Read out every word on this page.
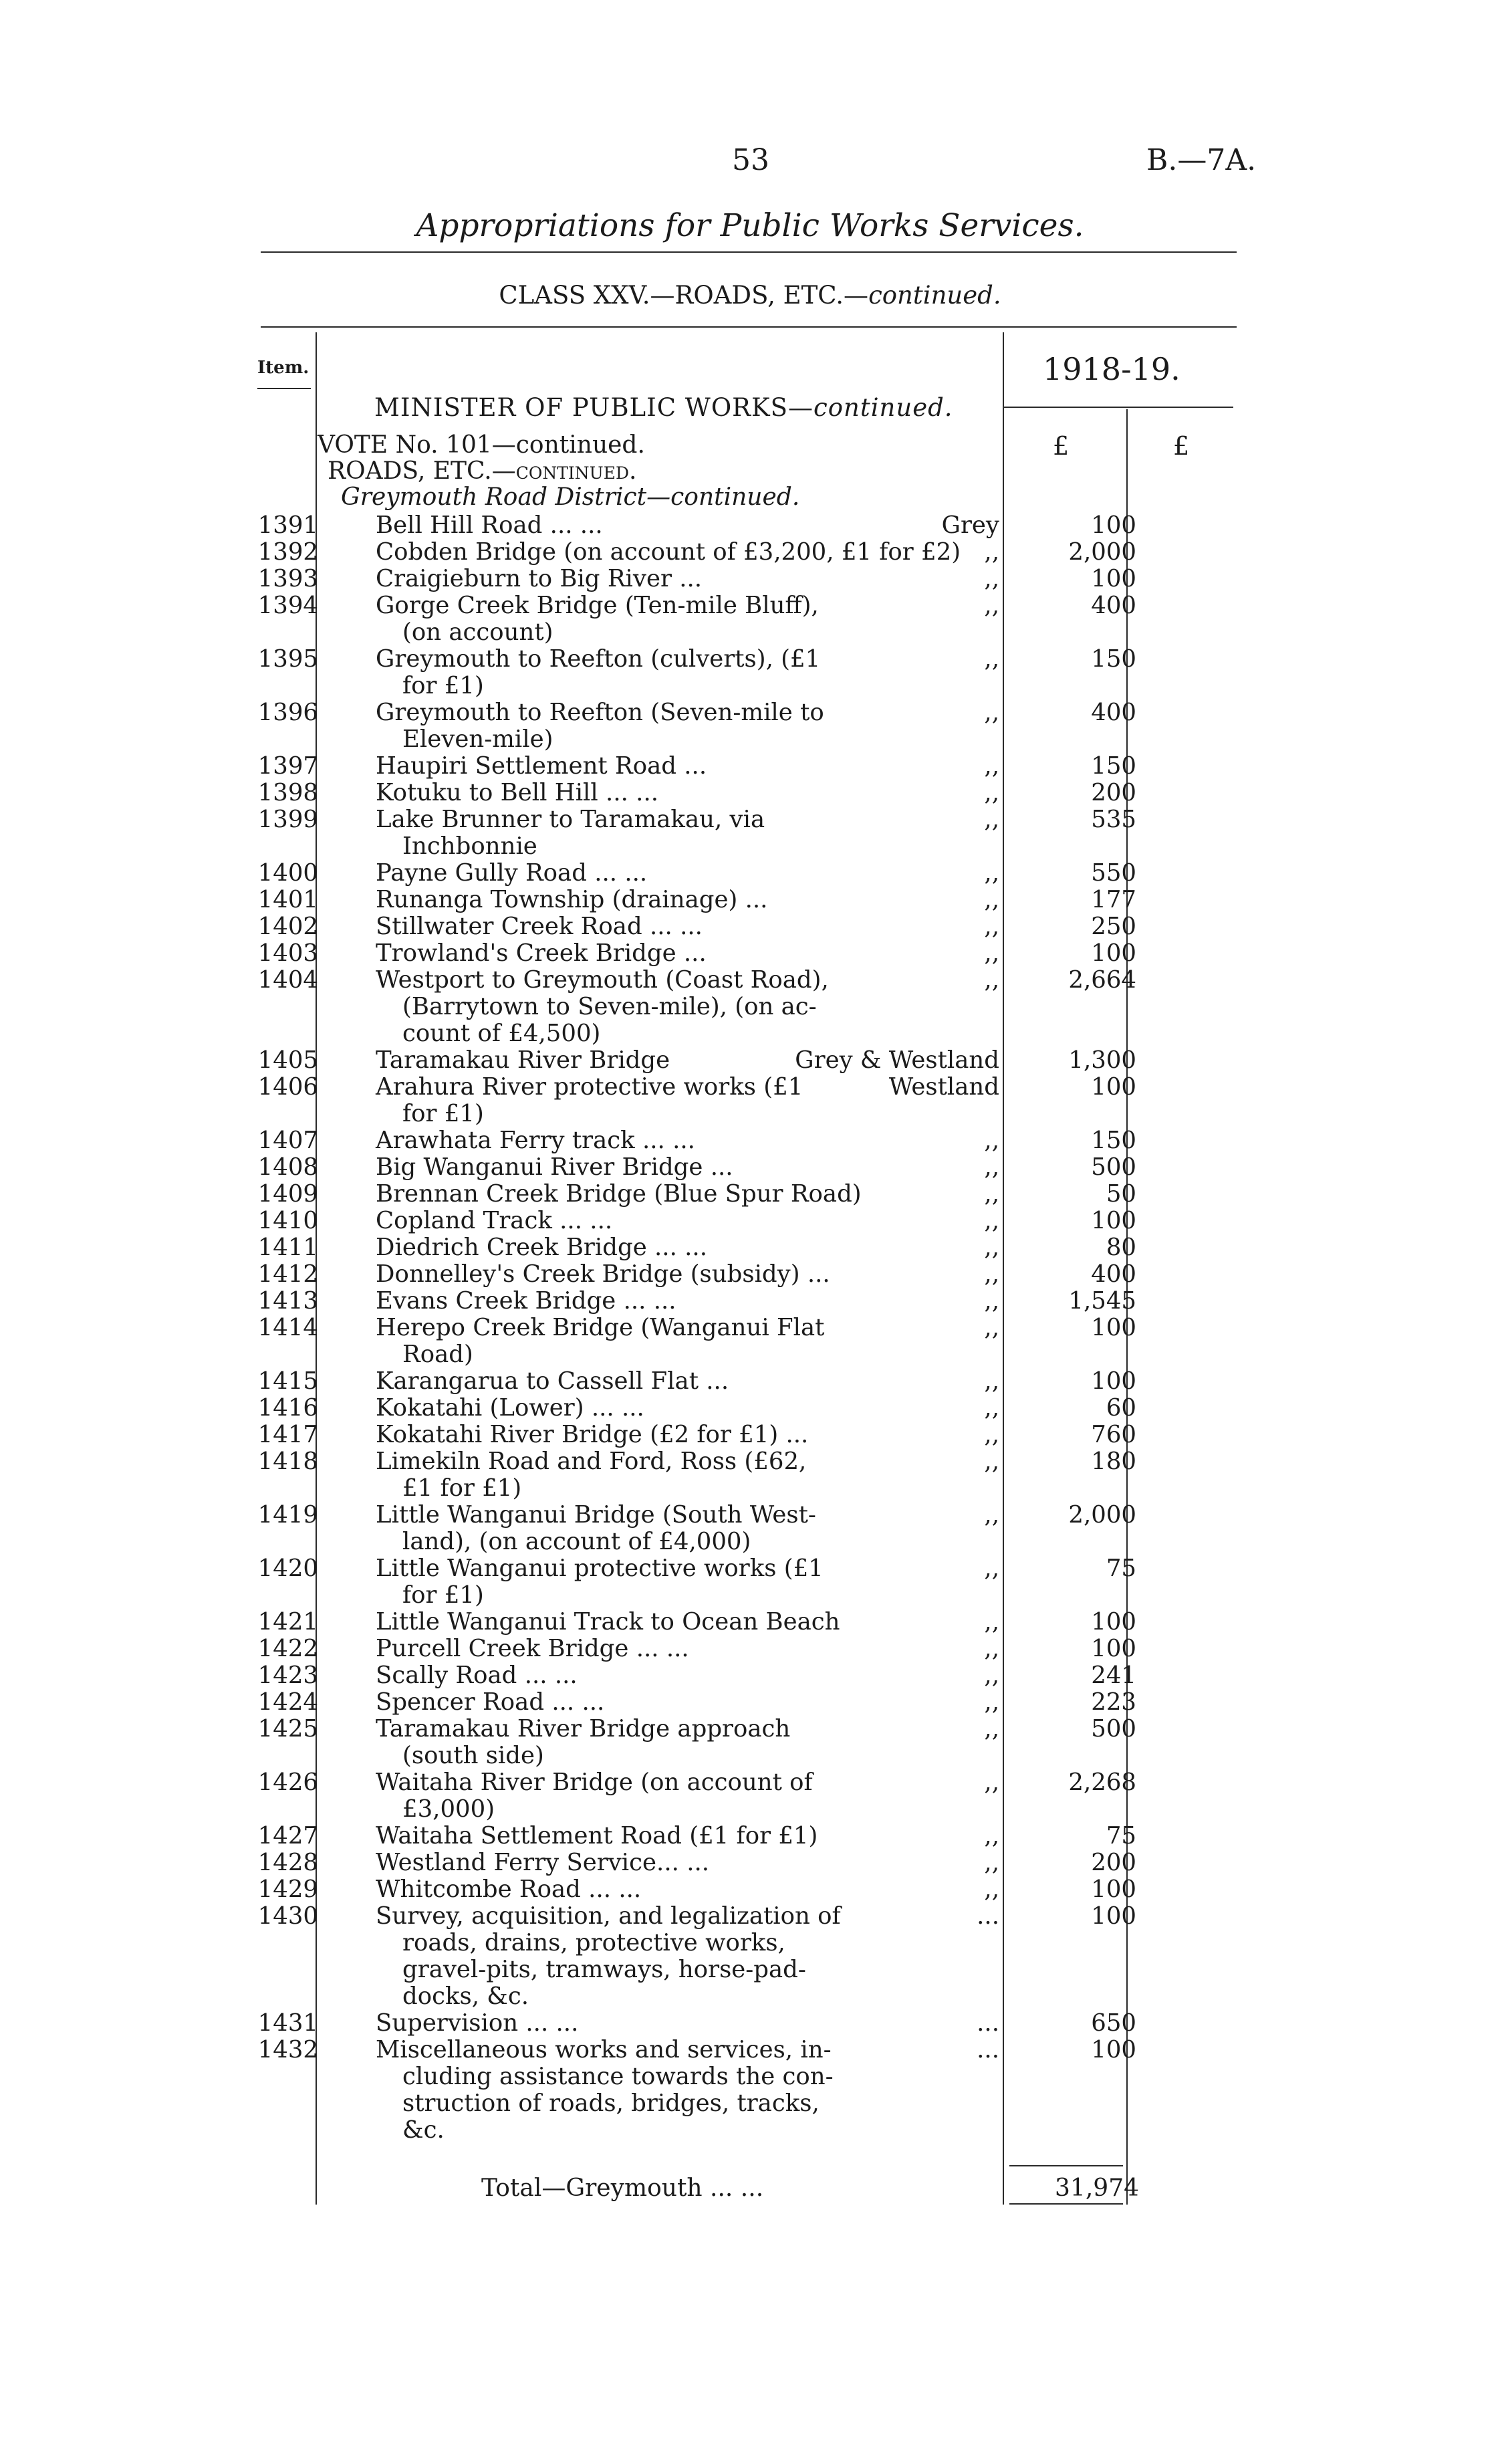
53	B.—7A.
Appropriations for Public Works Services.
CLASS XXV.—ROADS, ETC.—continued.
Item.	1918-19.
MINISTER OF PUBLIC WORKS—continued.
£	£
VOTE No. 101—continued.
ROADS, ETC.—continued.
Greymouth Road District—continued.
1391 Bell Hill Road ... ...	Grey	100
1392 Cobden Bridge (on account of £3,200, £1 for £2) ,,	2,000
1393 Craigieburn to Big River ...	,,	100
1394 Gorge Creek Bridge (Ten-mile Bluff),
(on account)
,,	400
1395 Greymouth to Reefton (culverts), (£1
for £1)
,,	150
1396 Greymouth to Reefton (Seven-mile to
Eleven-mile)
,,	400
1397 Haupiri Settlement Road ...	,,	150
1398 Kotuku to Bell Hill ... ...	,,	200
1399 Lake Brunner to Taramakau, via
Inchbonnie
,,	535
1400 Payne Gully Road ... ...	,,	550
1401 Runanga Township (drainage) ...	,,	177
1402 Stillwater Creek Road ... ...	,,	250
1403 Trowland's Creek Bridge ...	,,	100
1404 Westport to Greymouth (Coast Road),
(Barrytown to Seven-mile), (on ac-
count of £4,500)
,,	2,664
1405 Taramakau River Bridge	Grey & Westland	1,300
1406 Arahura River protective works (£1
for £1)
Westland	100
1407 Arawhata Ferry track ... ...	,,	150
1408 Big Wanganui River Bridge ...	,,	500
1409 Brennan Creek Bridge (Blue Spur Road)	,,	50
1410 Copland Track ... ...	,,	100
1411 Diedrich Creek Bridge ... ...	,,	80
1412 Donnelley's Creek Bridge (subsidy) ...	,,	400
1413 Evans Creek Bridge ... ...	,,	1,545
1414 Herepo Creek Bridge (Wanganui Flat
Road)
,,	100
1415 Karangarua to Cassell Flat ...	,,	100
1416 Kokatahi (Lower) ... ...	,,	60
1417 Kokatahi River Bridge (£2 for £1) ...	,,	760
1418 Limekiln Road and Ford, Ross (£62,
£1 for £1)
,,	180
1419 Little Wanganui Bridge (South West-
land), (on account of £4,000)
,,	2,000
1420 Little Wanganui protective works (£1
for £1)
,,	75
1421 Little Wanganui Track to Ocean Beach	,,	100
1422 Purcell Creek Bridge ... ...	,,	100
1423 Scally Road ... ...	,,	241
1424 Spencer Road ... ...	,,	223
1425 Taramakau River Bridge approach
(south side)
,,	500
1426 Waitaha River Bridge (on account of
£3,000)
,,	2,268
1427 Waitaha Settlement Road (£1 for £1)	,,	75
1428 Westland Ferry Service... ...	,,	200
1429 Whitcombe Road ... ...	,,	100
1430 Survey, acquisition, and legalization of
roads, drains, protective works,
gravel-pits, tramways, horse-pad-
docks, &c.
...	100
1431 Supervision ... ...	...	650
1432 Miscellaneous works and services, in-
cluding assistance towards the con-
struction of roads, bridges, tracks,
&c.
...	100
Total—Greymouth ... ...	31,974
